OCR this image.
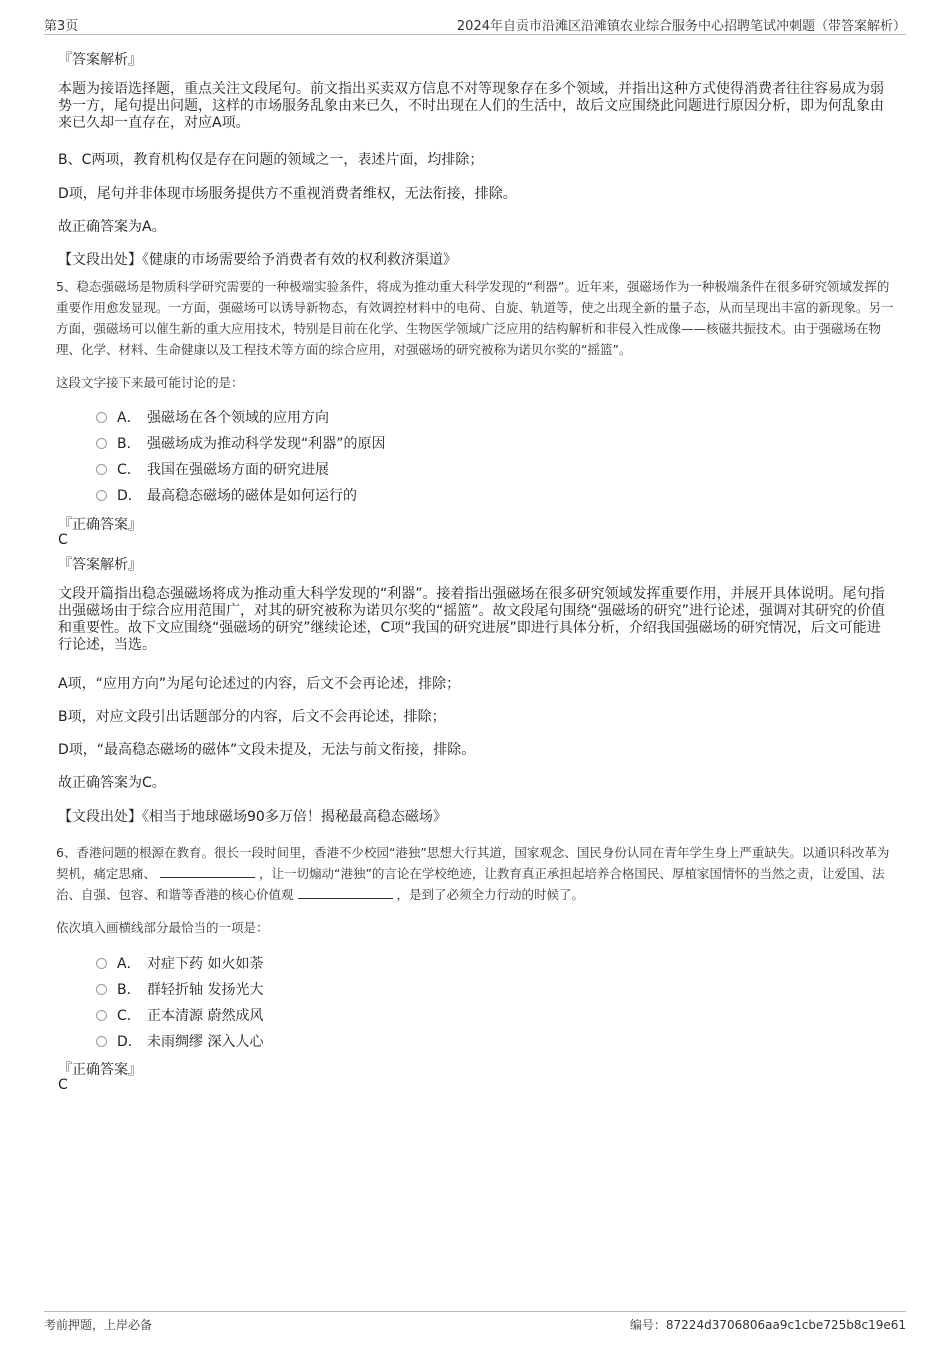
第3页	2024年自贡市沿滩区沿滩镇农业综合服务中心招聘笔试冲刺题（带答案解析）
『答案解析』
本题为接语选择题，重点关注文段尾句。前文指出买卖双方信息不对等现象存在多个领域，并指出这种方式使得消费者往往容易成为弱势一方，尾句提出问题，这样的市场服务乱象由来已久，不时出现在人们的生活中，故后文应围绕此问题进行原因分析，即为何乱象由来已久却一直存在，对应A项。
B、C两项，教育机构仅是存在问题的领域之一，表述片面，均排除；
D项，尾句并非体现市场服务提供方不重视消费者维权，无法衔接，排除。
故正确答案为A。
【文段出处】《健康的市场需要给予消费者有效的权利救济渠道》
5、稳态强磁场是物质科学研究需要的一种极端实验条件，将成为推动重大科学发现的“利器”。近年来，强磁场作为一种极端条件在很多研究领域发挥的重要作用愈发显现。一方面，强磁场可以诱导新物态，有效调控材料中的电荷、自旋、轨道等，使之出现全新的量子态，从而呈现出丰富的新现象。另一方面，强磁场可以催生新的重大应用技术，特别是目前在化学、生物医学领域广泛应用的结构解析和非侵入性成像——核磁共振技术。由于强磁场在物理、化学、材料、生命健康以及工程技术等方面的综合应用，对强磁场的研究被称为诺贝尔奖的“摇篮”。
这段文字接下来最可能讨论的是：
A． 强磁场在各个领域的应用方向
B． 强磁场成为推动科学发现“利器”的原因
C． 我国在强磁场方面的研究进展
D． 最高稳态磁场的磁体是如何运行的
『正确答案』
C
『答案解析』
文段开篇指出稳态强磁场将成为推动重大科学发现的“利器”。接着指出强磁场在很多研究领域发挥重要作用，并展开具体说明。尾句指出强磁场由于综合应用范围广，对其的研究被称为诺贝尔奖的“摇篮”。故文段尾句围绕“强磁场的研究”进行论述，强调对其研究的价值和重要性。故下文应围绕“强磁场的研究”继续论述，C项“我国的研究进展”即进行具体分析，介绍我国强磁场的研究情况，后文可能进行论述，当选。
A项，“应用方向”为尾句论述过的内容，后文不会再论述，排除；
B项，对应文段引出话题部分的内容，后文不会再论述，排除；
D项，“最高稳态磁场的磁体”文段未提及，无法与前文衔接，排除。
故正确答案为C。
【文段出处】《相当于地球磁场90多万倍！揭秘最高稳态磁场》
6、香港问题的根源在教育。很长一段时间里，香港不少校园“港独”思想大行其道，国家观念、国民身份认同在青年学生身上严重缺失。以通识科改革为契机，痛定思痛、	，让一切煽动“港独”的言论在学校绝迹，让教育真正承担起培养合格国民、厚植家国情怀的当然之责，让爱国、法治、自强、包容、和谐等香港的核心价值观	，是到了必须全力行动的时候了。
依次填入画横线部分最恰当的一项是：
A． 对症下药 如火如荼
B． 群轻折轴 发扬光大
C． 正本清源 蔚然成风
D． 未雨绸缪 深入人心
『正确答案』
C
考前押题，上岸必备	编号：87224d3706806aa9c1cbe725b8c19e61
